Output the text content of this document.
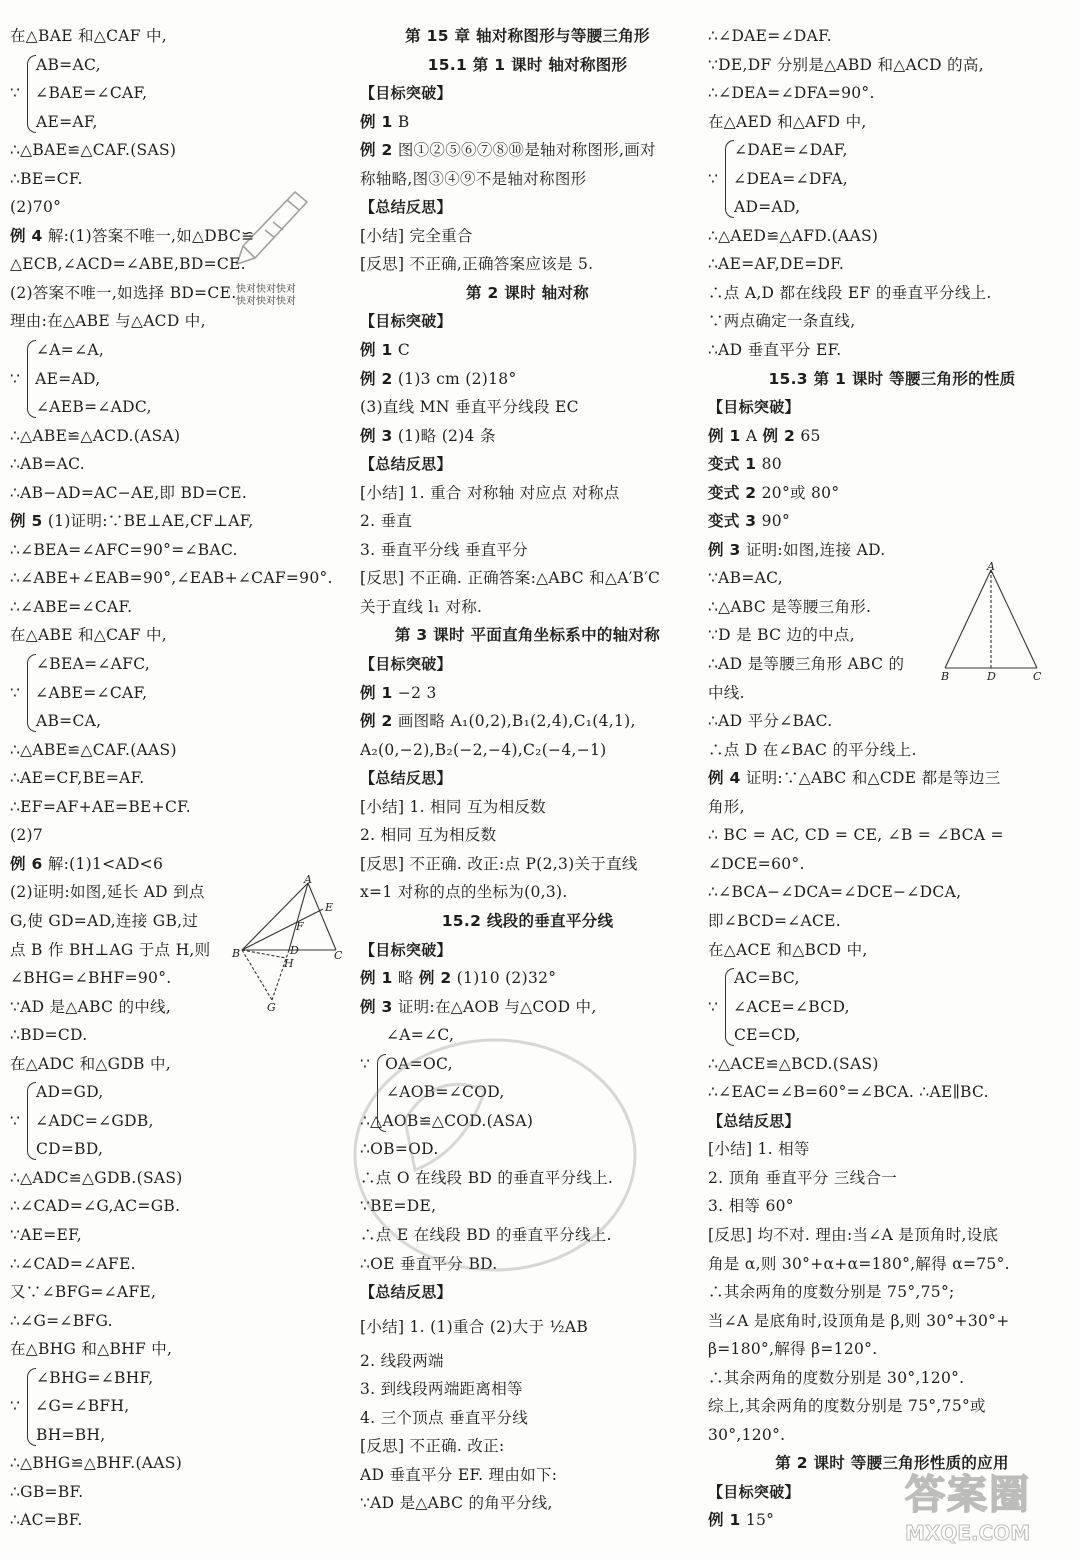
在△BAE 和△CAF 中,
AB=AC,
∵ ∠BAE=∠CAF,
AE=AF,
∴△BAE≌△CAF.(SAS)
∴BE=CF.
(2)70°
例 4 解:(1)答案不唯一,如△DBC≌
△ECB,∠ACD=∠ABE,BD=CE.
(2)答案不唯一,如选择 BD=CE.
理由:在△ABE 与△ACD 中,
∠A=∠A,
∵ AE=AD,
∠AEB=∠ADC,
∴△ABE≌△ACD.(ASA)
∴AB=AC.
∴AB−AD=AC−AE,即 BD=CE.
例 5 (1)证明:∵BE⊥AE,CF⊥AF,
∴∠BEA=∠AFC=90°=∠BAC.
∴∠ABE+∠EAB=90°,∠EAB+∠CAF=90°.
∴∠ABE=∠CAF.
在△ABE 和△CAF 中,
∠BEA=∠AFC,
∵ ∠ABE=∠CAF,
AB=CA,
∴△ABE≌△CAF.(AAS)
∴AE=CF,BE=AF.
∴EF=AF+AE=BE+CF.
(2)7
例 6 解:(1)1<AD<6
(2)证明:如图,延长 AD 到点
G,使 GD=AD,连接 GB,过
点 B 作 BH⊥AG 于点 H,则
∠BHG=∠BHF=90°.
∵AD 是△ABC 的中线,
∴BD=CD.
在△ADC 和△GDB 中,
AD=GD,
∵ ∠ADC=∠GDB,
CD=BD,
∴△ADC≌△GDB.(SAS)
∴∠CAD=∠G,AC=GB.
∵AE=EF,
∴∠CAD=∠AFE.
又∵∠BFG=∠AFE,
∴∠G=∠BFG.
在△BHG 和△BHF 中,
∠BHG=∠BHF,
∵ ∠G=∠BFH,
BH=BH,
∴△BHG≌△BHF.(AAS)
∴GB=BF.
∴AC=BF.
第 15 章 轴对称图形与等腰三角形
15.1 第 1 课时 轴对称图形
【目标突破】
例 1 B
例 2 图①②⑤⑥⑦⑧⑩是轴对称图形,画对
称轴略,图③④⑨不是轴对称图形
【总结反思】
[小结] 完全重合
[反思] 不正确,正确答案应该是 5.
第 2 课时 轴对称
【目标突破】
例 1 C
例 2 (1)3 cm (2)18°
(3)直线 MN 垂直平分线段 EC
例 3 (1)略 (2)4 条
【总结反思】
[小结] 1. 重合 对称轴 对应点 对称点
2. 垂直
3. 垂直平分线 垂直平分
[反思] 不正确. 正确答案:△ABC 和△A′B′C
关于直线 l₁ 对称.
第 3 课时 平面直角坐标系中的轴对称
【目标突破】
例 1 −2 3
例 2 画图略 A₁(0,2),B₁(2,4),C₁(4,1),
A₂(0,−2),B₂(−2,−4),C₂(−4,−1)
【总结反思】
[小结] 1. 相同 互为相反数
2. 相同 互为相反数
[反思] 不正确. 改正:点 P(2,3)关于直线
x=1 对称的点的坐标为(0,3).
15.2 线段的垂直平分线
【目标突破】
例 1 略 例 2 (1)10 (2)32°
例 3 证明:在△AOB 与△COD 中,
∠A=∠C,
∵ OA=OC,
∠AOB=∠COD,
∴△AOB≌△COD.(ASA)
∴OB=OD.
∴点 O 在线段 BD 的垂直平分线上.
∵BE=DE,
∴点 E 在线段 BD 的垂直平分线上.
∴OE 垂直平分 BD.
【总结反思】
[小结] 1. (1)重合 (2)大于 ½AB
2. 线段两端
3. 到线段两端距离相等
4. 三个顶点 垂直平分线
[反思] 不正确. 改正:
AD 垂直平分 EF. 理由如下:
∵AD 是△ABC 的角平分线,
∴∠DAE=∠DAF.
∵DE,DF 分别是△ABD 和△ACD 的高,
∴∠DEA=∠DFA=90°.
在△AED 和△AFD 中,
∠DAE=∠DAF,
∵ ∠DEA=∠DFA,
AD=AD,
∴△AED≌△AFD.(AAS)
∴AE=AF,DE=DF.
∴点 A,D 都在线段 EF 的垂直平分线上.
∵两点确定一条直线,
∴AD 垂直平分 EF.
15.3 第 1 课时 等腰三角形的性质
【目标突破】
例 1 A 例 2 65
变式 1 80
变式 2 20°或 80°
变式 3 90°
例 3 证明:如图,连接 AD.
∵AB=AC,
∴△ABC 是等腰三角形.
∵D 是 BC 边的中点,
∴AD 是等腰三角形 ABC 的
中线.
∴AD 平分∠BAC.
∴点 D 在∠BAC 的平分线上.
例 4 证明:∵△ABC 和△CDE 都是等边三
角形,
∴ BC = AC, CD = CE, ∠B = ∠BCA =
∠DCE=60°.
∴∠BCA−∠DCA=∠DCE−∠DCA,
即∠BCD=∠ACE.
在△ACE 和△BCD 中,
AC=BC,
∵ ∠ACE=∠BCD,
CE=CD,
∴△ACE≌△BCD.(SAS)
∴∠EAC=∠B=60°=∠BCA. ∴AE∥BC.
【总结反思】
[小结] 1. 相等
2. 顶角 垂直平分 三线合一
3. 相等 60°
[反思] 均不对. 理由:当∠A 是顶角时,设底
角是 α,则 30°+α+α=180°,解得 α=75°.
∴其余两角的度数分别是 75°,75°;
当∠A 是底角时,设顶角是 β,则 30°+30°+
β=180°,解得 β=120°.
∴其余两角的度数分别是 30°,120°.
综上,其余两角的度数分别是 75°,75°或
30°,120°.
第 2 课时 等腰三角形性质的应用
【目标突破】
例 1 15°
A
E
F
D
H
B	C
G
A
B	D	C
快对快对快对
快对快对快对
答案圈
MXQE.COM
